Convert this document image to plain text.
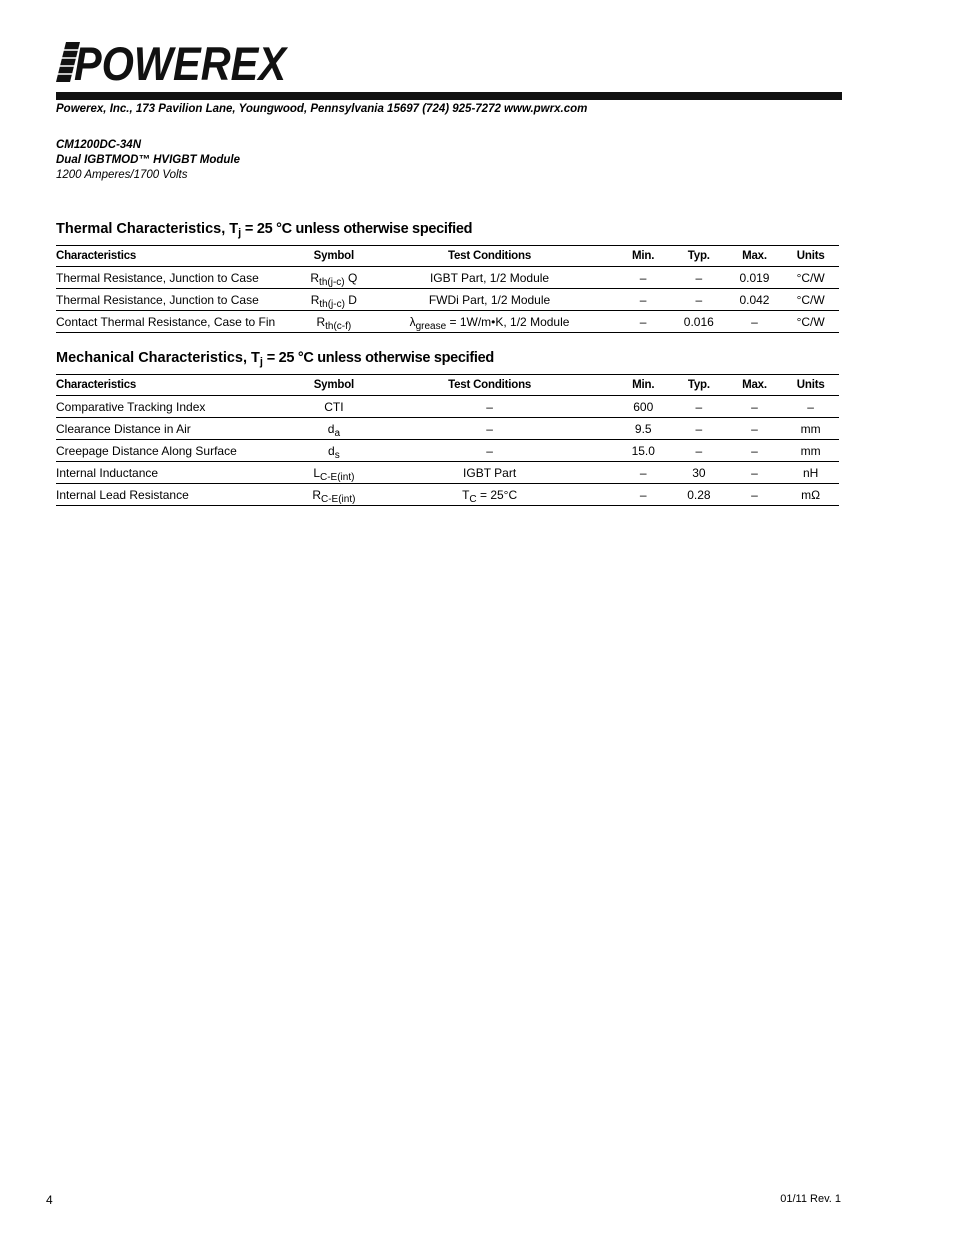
POWEREX
Powerex, Inc., 173 Pavilion Lane, Youngwood, Pennsylvania 15697 (724) 925-7272 www.pwrx.com
CM1200DC-34N
Dual IGBTMOD™ HVIGBT Module
1200 Amperes/1700 Volts
Thermal Characteristics, $T_j = 25$ °C unless otherwise specified
Characteristics	Symbol	Test Conditions	Min.	Typ.	Max.	Units
Thermal Resistance, Junction to Case	$R_{th(j-c)}$ Q	IGBT Part, 1/2 Module	–	–	0.019	°C/W
Thermal Resistance, Junction to Case	$R_{th(j-c)}$ D	FWDi Part, 1/2 Module	–	–	0.042	°C/W
Contact Thermal Resistance, Case to Fin	$R_{th(c-f)}$	$\lambda_{grease}$ = 1W/m•K, 1/2 Module	–	0.016	–	°C/W
Mechanical Characteristics, $T_j = 25$ °C unless otherwise specified
Characteristics	Symbol	Test Conditions	Min.	Typ.	Max.	Units
Comparative Tracking Index	CTI	–	600	–	–	–
Clearance Distance in Air	$d_a$	–	9.5	–	–	mm
Creepage Distance Along Surface	$d_s$	–	15.0	–	–	mm
Internal Inductance	$L_{C-E(int)}$	IGBT Part	–	30	–	nH
Internal Lead Resistance	$R_{C-E(int)}$	$T_C = 25^\circ C$	–	0.28	–	mΩ
4	01/11 Rev. 1
